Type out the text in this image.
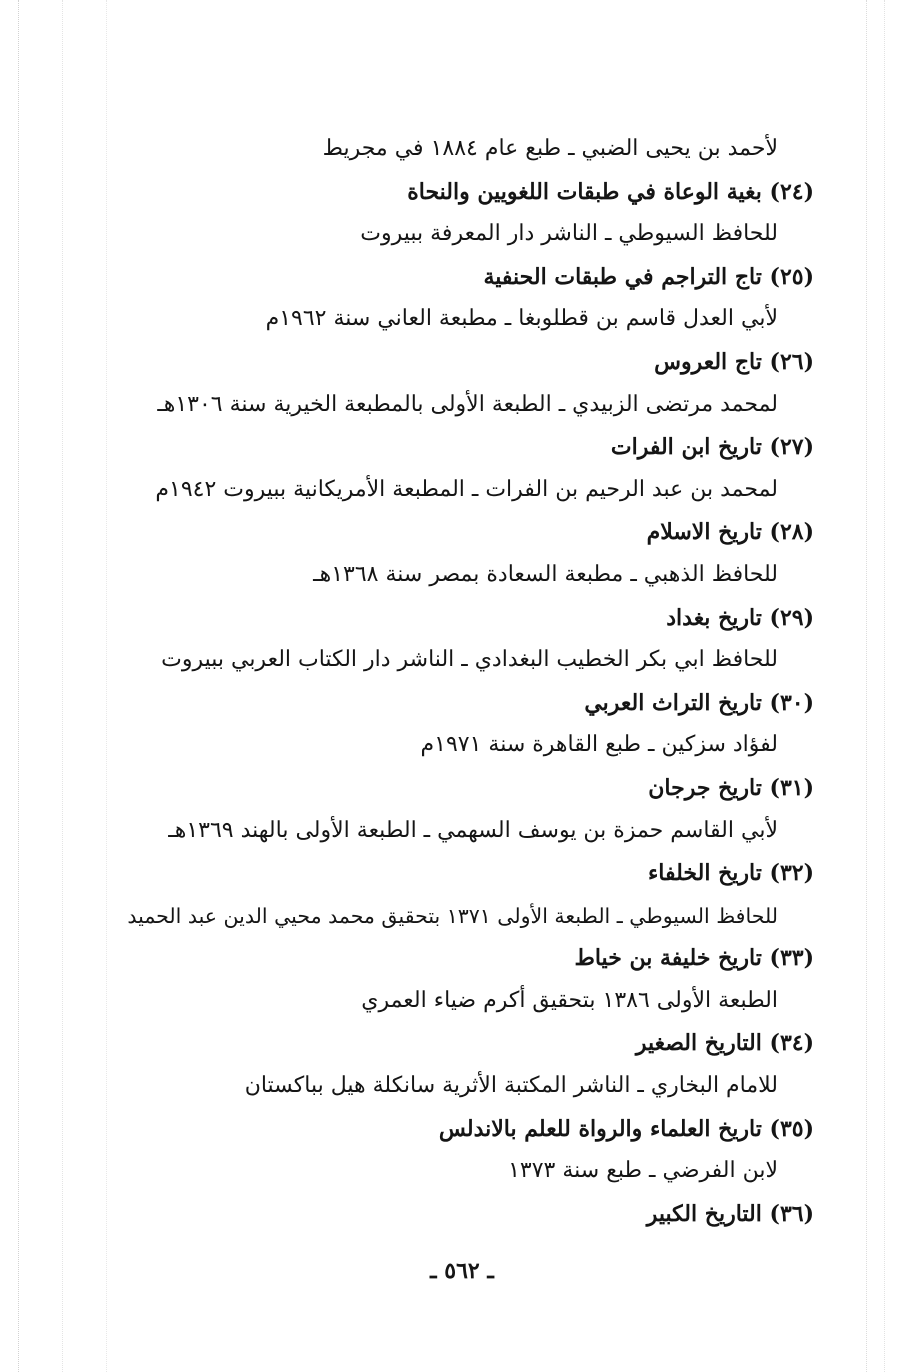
لأحمد بن يحيى الضبي ـ طبع عام ١٨٨٤ في مجريط
(٢٤) بغية الوعاة في طبقات اللغويين والنحاة
للحافظ السيوطي ـ الناشر دار المعرفة ببيروت
(٢٥) تاج التراجم في طبقات الحنفية
لأبي العدل قاسم بن قطلوبغا ـ مطبعة العاني سنة ١٩٦٢م
(٢٦) تاج العروس
لمحمد مرتضى الزبيدي ـ الطبعة الأولى بالمطبعة الخيرية سنة ١٣٠٦هـ
(٢٧) تاريخ ابن الفرات
لمحمد بن عبد الرحيم بن الفرات ـ المطبعة الأمريكانية ببيروت ١٩٤٢م
(٢٨) تاريخ الاسلام
للحافظ الذهبي ـ مطبعة السعادة بمصر سنة ١٣٦٨هـ
(٢٩) تاريخ بغداد
للحافظ ابي بكر الخطيب البغدادي ـ الناشر دار الكتاب العربي ببيروت
(٣٠) تاريخ التراث العربي
لفؤاد سزكين ـ طبع القاهرة سنة ١٩٧١م
(٣١) تاريخ جرجان
لأبي القاسم حمزة بن يوسف السهمي ـ الطبعة الأولى بالهند ١٣٦٩هـ
(٣٢) تاريخ الخلفاء
للحافظ السيوطي ـ الطبعة الأولى ١٣٧١ بتحقيق محمد محيي الدين عبد الحميد
(٣٣) تاريخ خليفة بن خياط
الطبعة الأولى ١٣٨٦ بتحقيق أكرم ضياء العمري
(٣٤) التاريخ الصغير
للامام البخاري ـ الناشر المكتبة الأثرية سانكلة هيل بباكستان
(٣٥) تاريخ العلماء والرواة للعلم بالاندلس
لابن الفرضي ـ طبع سنة ١٣٧٣
(٣٦) التاريخ الكبير
ـ ٥٦٢ ـ
